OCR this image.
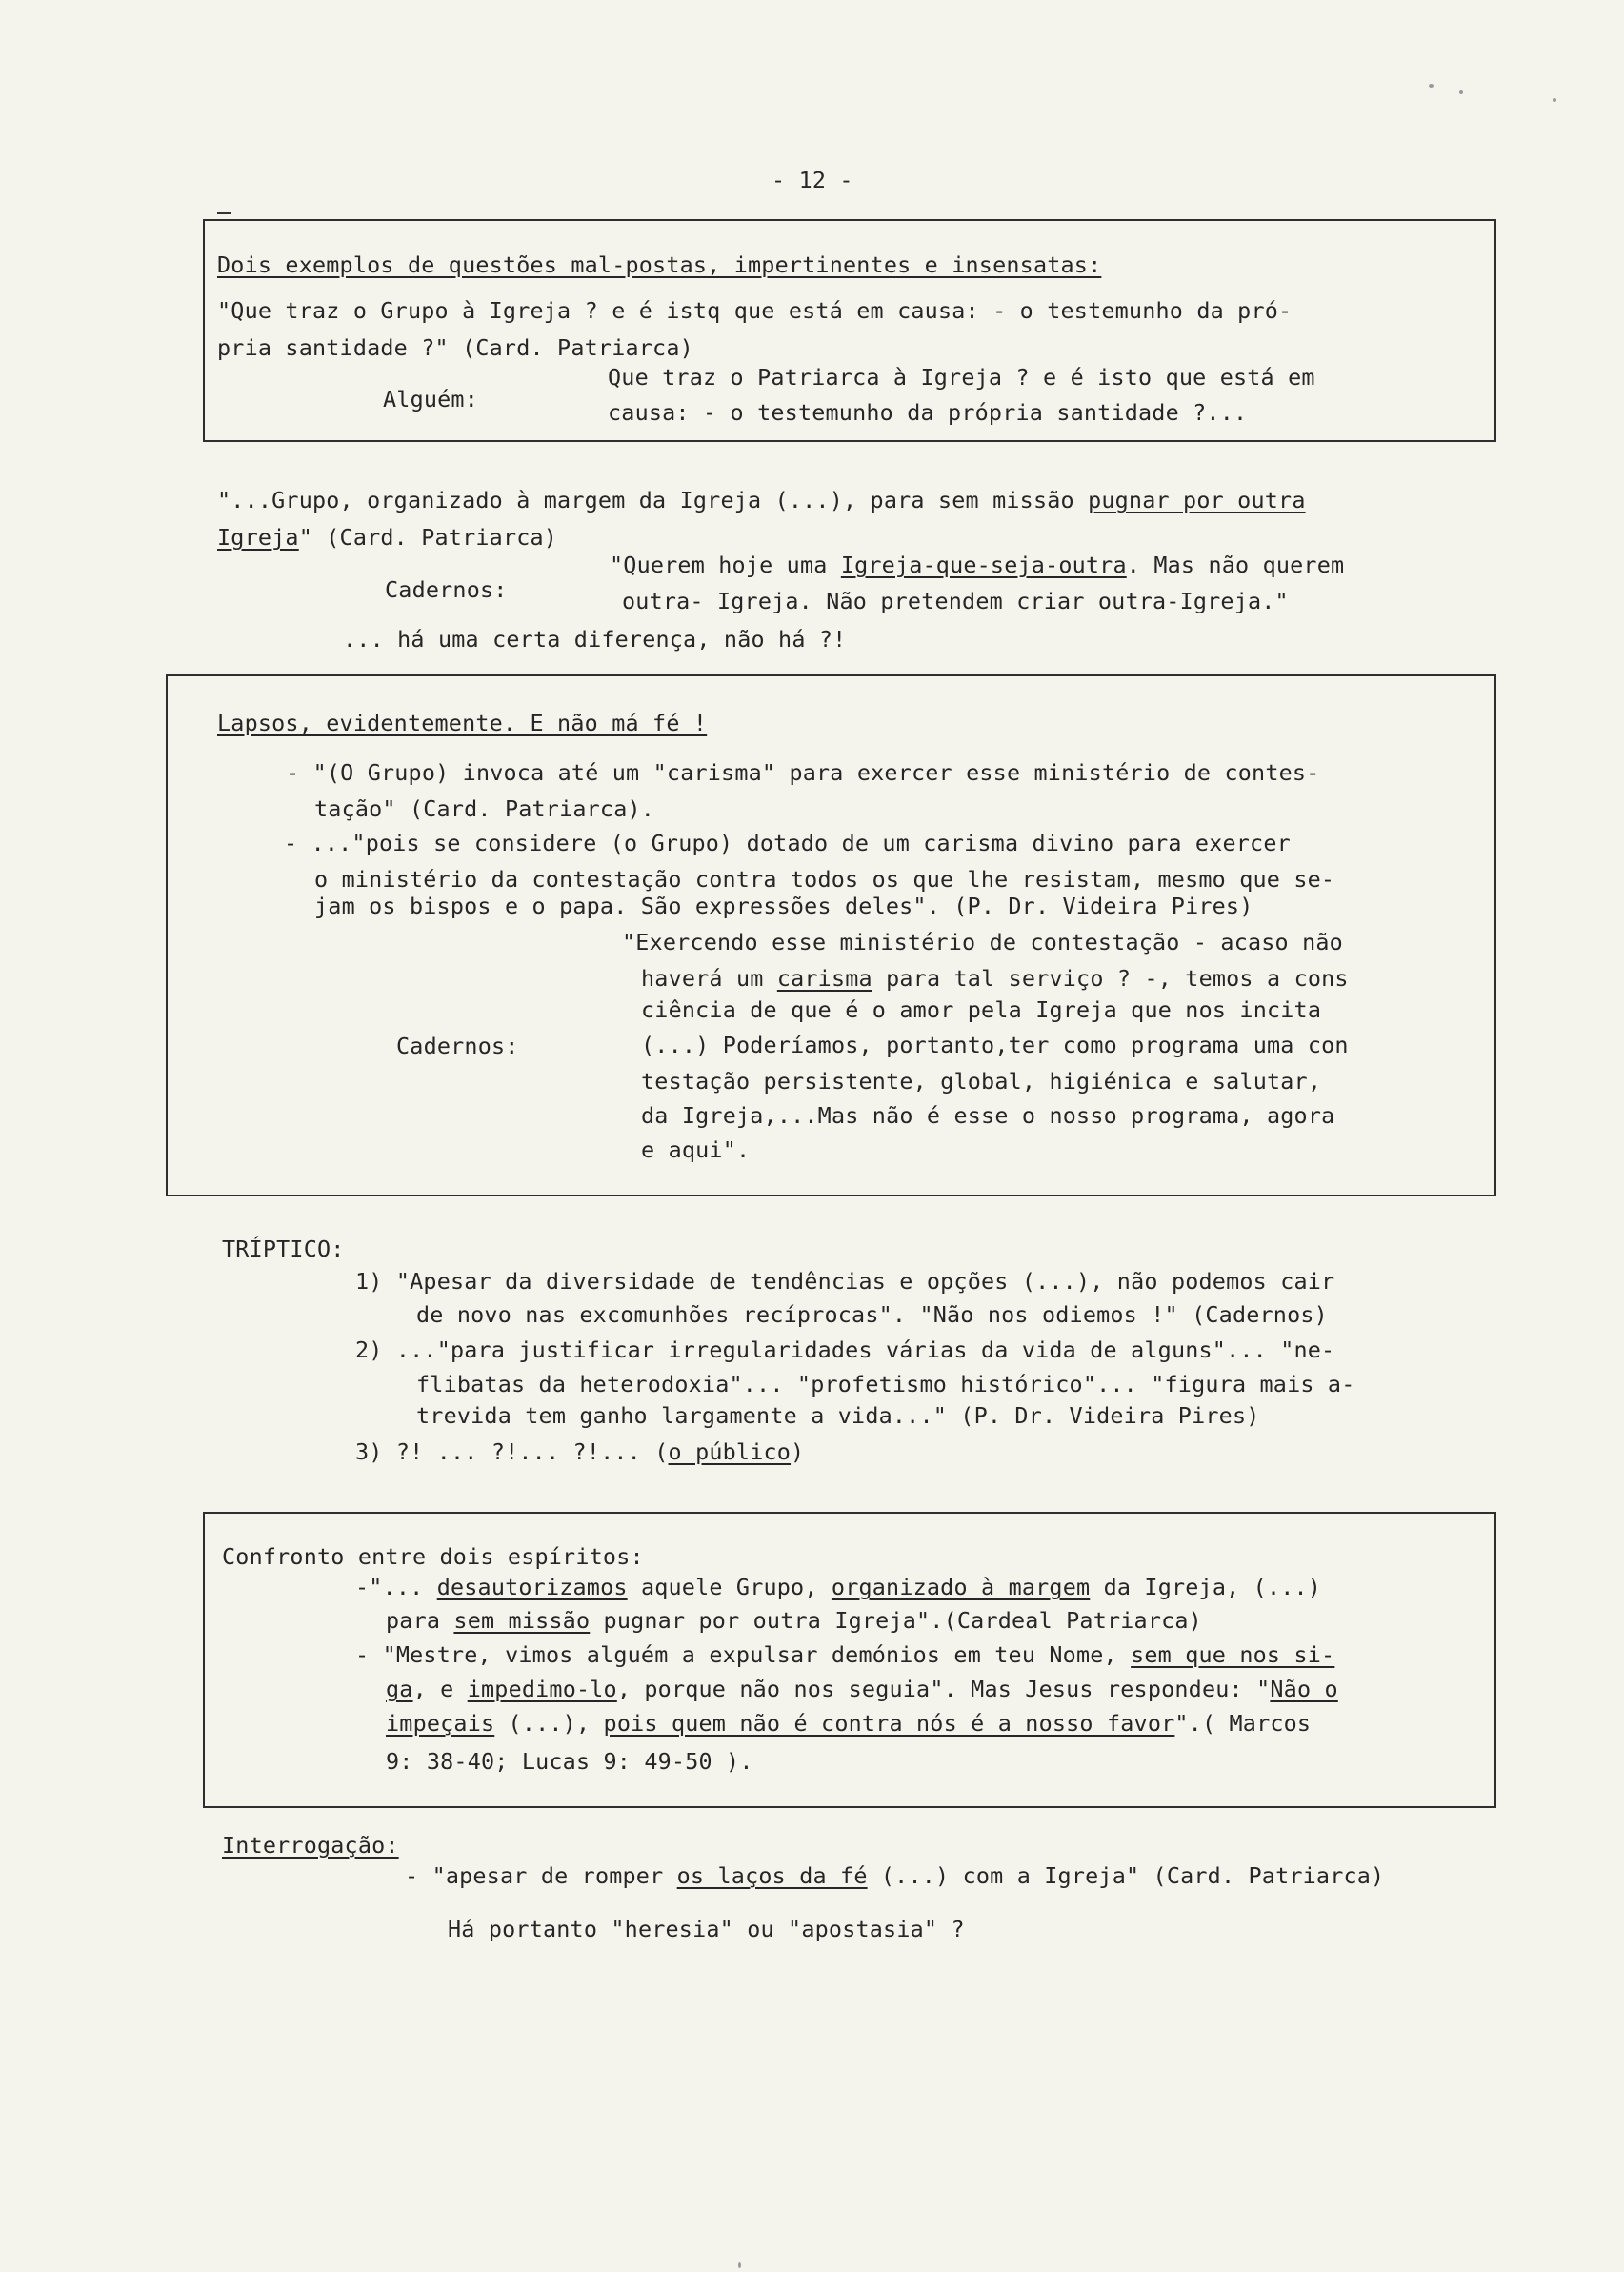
- 12 -
Dois exemplos de questões mal-postas, impertinentes e insensatas:
"Que traz o Grupo à Igreja ? e é istq que está em causa: - o testemunho da pró-
pria santidade ?" (Card. Patriarca)
Alguém:
Que traz o Patriarca à Igreja ? e é isto que está em
causa: - o testemunho da própria santidade ?...
"...Grupo, organizado à margem da Igreja (...), para sem missão pugnar por outra
Igreja" (Card. Patriarca)
Cadernos:
"Querem hoje uma Igreja-que-seja-outra. Mas não querem
outra- Igreja. Não pretendem criar outra-Igreja."
... há uma certa diferença, não há ?!
Lapsos, evidentemente. E não má fé !
- "(O Grupo) invoca até um "carisma" para exercer esse ministério de contes-
tação" (Card. Patriarca).
- ..."pois se considere (o Grupo) dotado de um carisma divino para exercer
o ministério da contestação contra todos os que lhe resistam, mesmo que se-
jam os bispos e o papa. São expressões deles". (P. Dr. Videira Pires)
Cadernos:
"Exercendo esse ministério de contestação - acaso não
haverá um carisma para tal serviço ? -, temos a cons
ciência de que é o amor pela Igreja que nos incita
(...) Poderíamos, portanto,ter como programa uma con
testação persistente, global, higiénica e salutar,
da Igreja,...Mas não é esse o nosso programa, agora
e aqui".
TRÍPTICO:
1) "Apesar da diversidade de tendências e opções (...), não podemos cair
de novo nas excomunhões recíprocas". "Não nos odiemos !" (Cadernos)
2) ..."para justificar irregularidades várias da vida de alguns"... "ne-
flibatas da heterodoxia"... "profetismo histórico"... "figura mais a-
trevida tem ganho largamente a vida..." (P. Dr. Videira Pires)
3) ?! ... ?!... ?!... (o público)
Confronto entre dois espíritos:
-"... desautorizamos aquele Grupo, organizado à margem da Igreja, (...)
para sem missão pugnar por outra Igreja".(Cardeal Patriarca)
- "Mestre, vimos alguém a expulsar demónios em teu Nome, sem que nos si-
ga, e impedimo-lo, porque não nos seguia". Mas Jesus respondeu: "Não o
impeçais (...), pois quem não é contra nós é a nosso favor".( Marcos
9: 38-40; Lucas 9: 49-50 ).
Interrogação:
- "apesar de romper os laços da fé (...) com a Igreja" (Card. Patriarca)
Há portanto "heresia" ou "apostasia" ?
